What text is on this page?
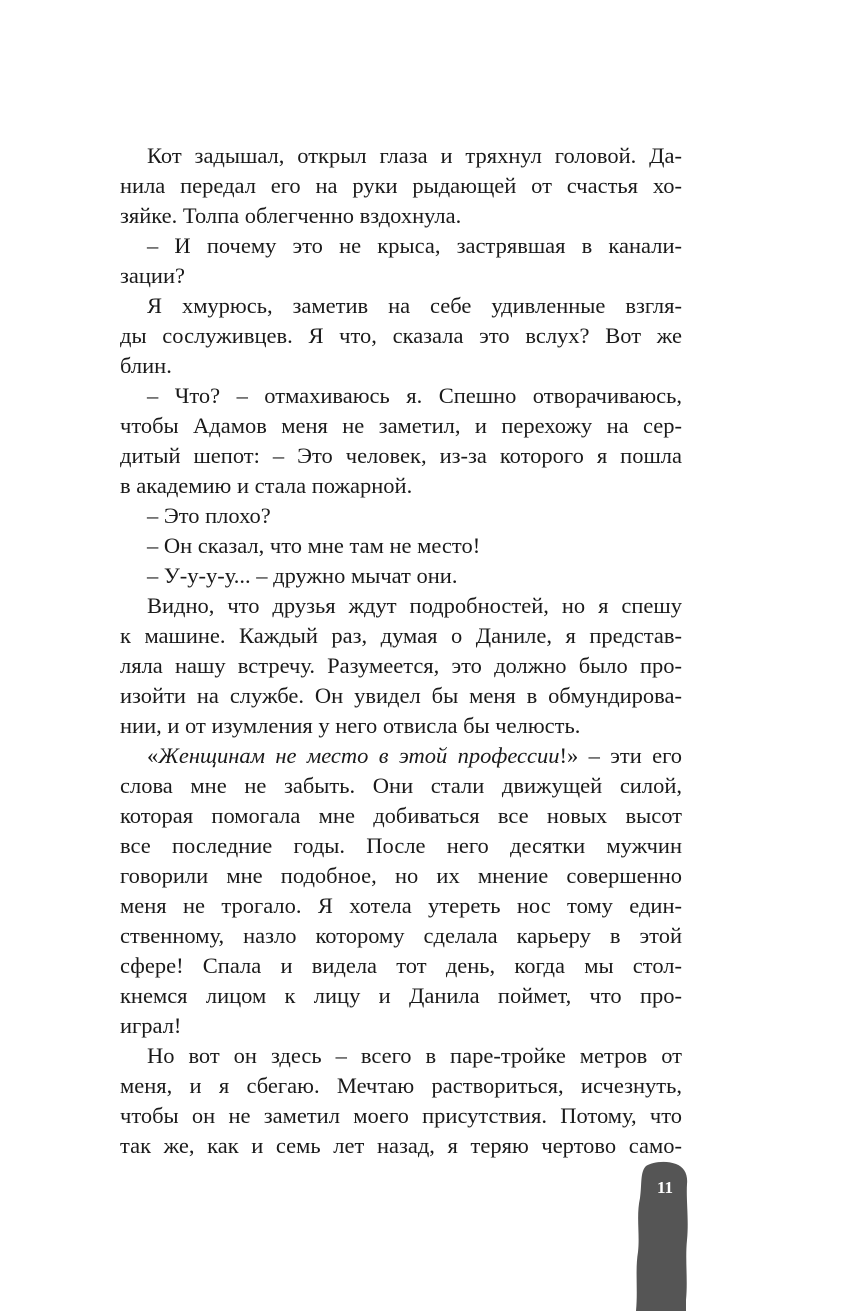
Кот задышал, открыл глаза и тряхнул головой. Да-
нила передал его на руки рыдающей от счастья хо-
зяйке. Толпа облегченно вздохнула.
– И почему это не крыса, застрявшая в канали-
зации?
Я хмурюсь, заметив на себе удивленные взгля-
ды сослуживцев. Я что, сказала это вслух? Вот же
блин.
– Что? – отмахиваюсь я. Спешно отворачиваюсь,
чтобы Адамов меня не заметил, и перехожу на сер-
дитый шепот: – Это человек, из-за которого я пошла
в академию и стала пожарной.
– Это плохо?
– Он сказал, что мне там не место!
– У-у-у-у... – дружно мычат они.
Видно, что друзья ждут подробностей, но я спешу
к машине. Каждый раз, думая о Даниле, я представ-
ляла нашу встречу. Разумеется, это должно было про-
изойти на службе. Он увидел бы меня в обмундирова-
нии, и от изумления у него отвисла бы челюсть.
«Женщинам не место в этой профессии!» – эти его
слова мне не забыть. Они стали движущей силой,
которая помогала мне добиваться все новых высот
все последние годы. После него десятки мужчин
говорили мне подобное, но их мнение совершенно
меня не трогало. Я хотела утереть нос тому един-
ственному, назло которому сделала карьеру в этой
сфере! Спала и видела тот день, когда мы стол-
кнемся лицом к лицу и Данила поймет, что про-
играл!
Но вот он здесь – всего в паре-тройке метров от
меня, и я сбегаю. Мечтаю раствориться, исчезнуть,
чтобы он не заметил моего присутствия. Потому, что
так же, как и семь лет назад, я теряю чертово само-
11
